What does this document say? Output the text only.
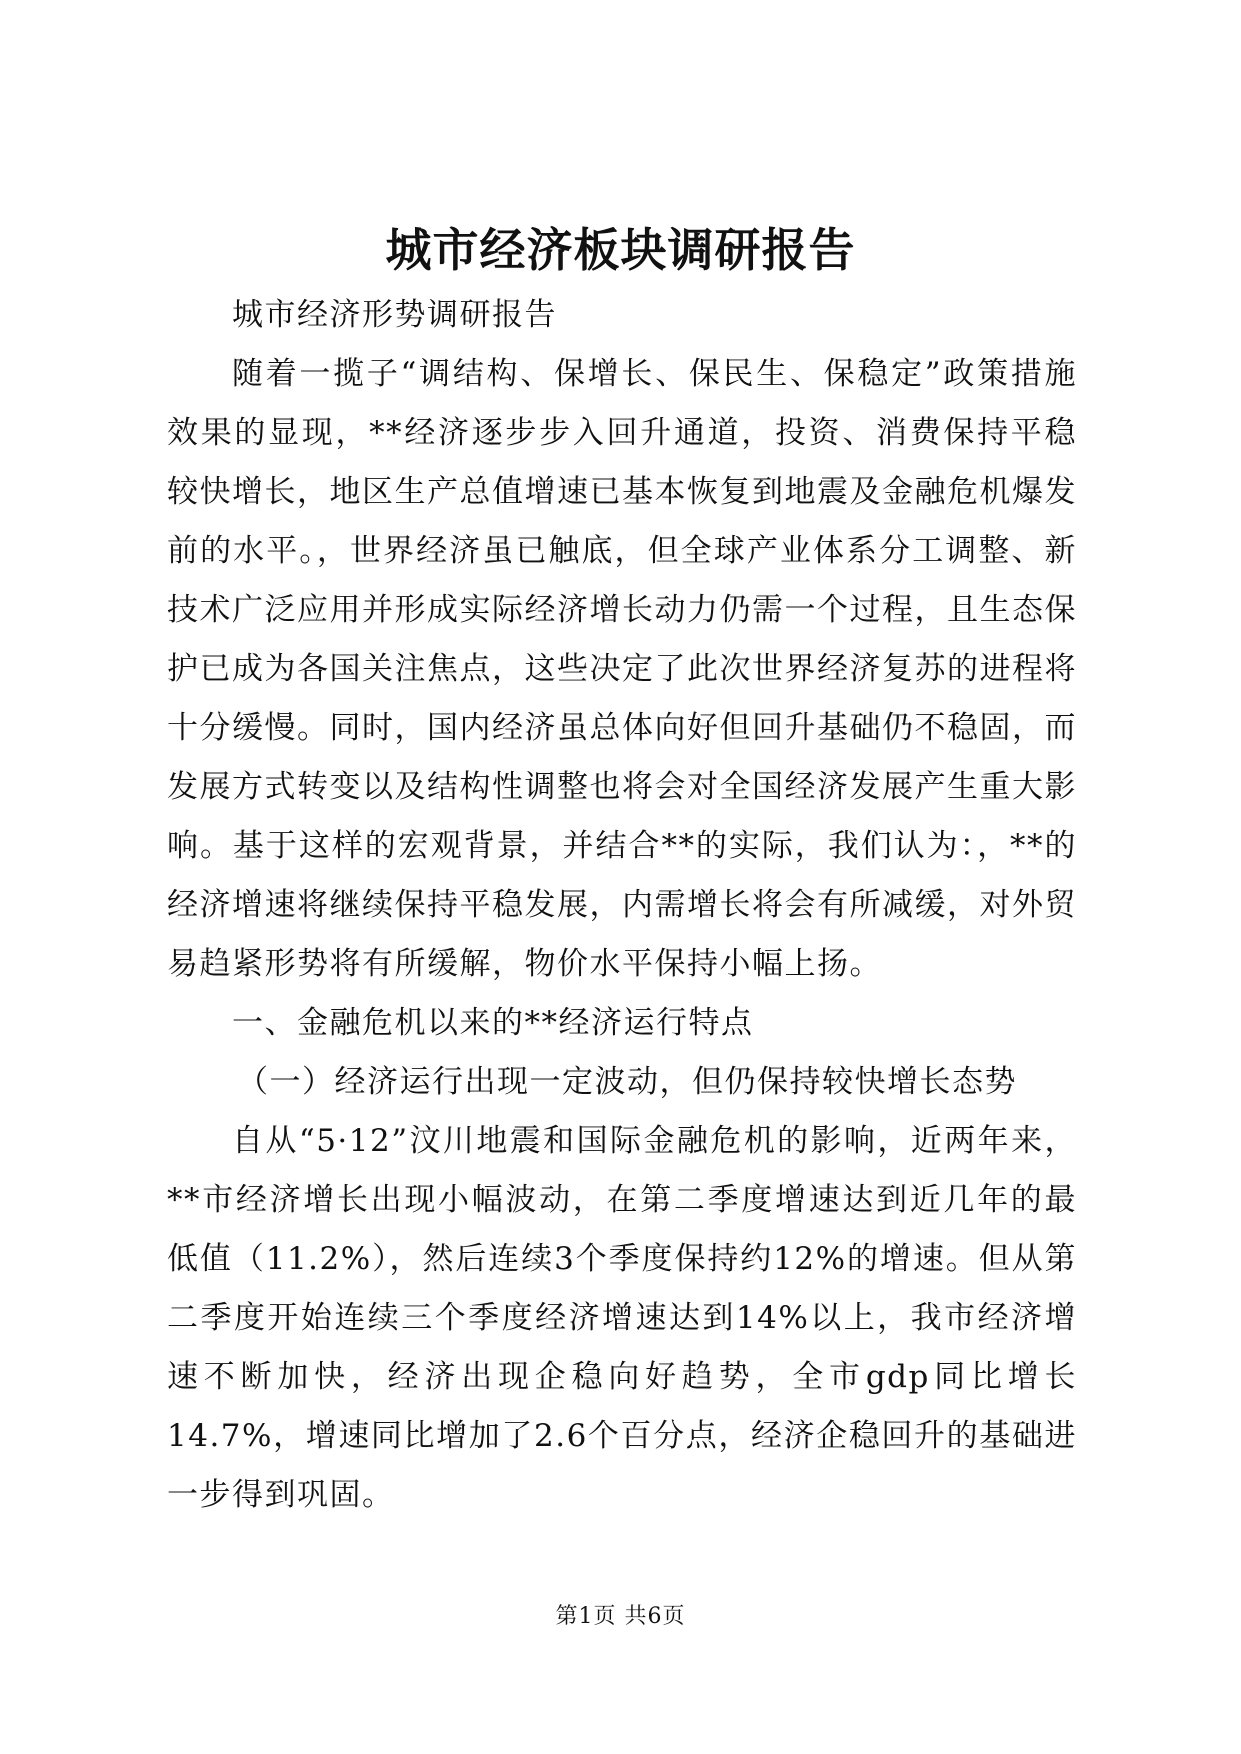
城市经济板块调研报告

城市经济形势调研报告

随着一揽子“调结构、保增长、保民生、保稳定”政策措施效果的显现，**经济逐步步入回升通道，投资、消费保持平稳较快增长，地区生产总值增速已基本恢复到地震及金融危机爆发前的水平。，世界经济虽已触底，但全球产业体系分工调整、新技术广泛应用并形成实际经济增长动力仍需一个过程，且生态保护已成为各国关注焦点，这些决定了此次世界经济复苏的进程将十分缓慢。同时，国内经济虽总体向好但回升基础仍不稳固，而发展方式转变以及结构性调整也将会对全国经济发展产生重大影响。基于这样的宏观背景，并结合**的实际，我们认为：，**的经济增速将继续保持平稳发展，内需增长将会有所减缓，对外贸易趋紧形势将有所缓解，物价水平保持小幅上扬。

一、金融危机以来的**经济运行特点

（一）经济运行出现一定波动，但仍保持较快增长态势

自从“5·12”汶川地震和国际金融危机的影响，近两年来，**市经济增长出现小幅波动，在第二季度增速达到近几年的最低值（11.2%），然后连续3个季度保持约12%的增速。但从第二季度开始连续三个季度经济增速达到14%以上，我市经济增速不断加快，经济出现企稳向好趋势，全市gdp同比增长14.7%，增速同比增加了2.6个百分点，经济企稳回升的基础进一步得到巩固。

第1页 共6页
